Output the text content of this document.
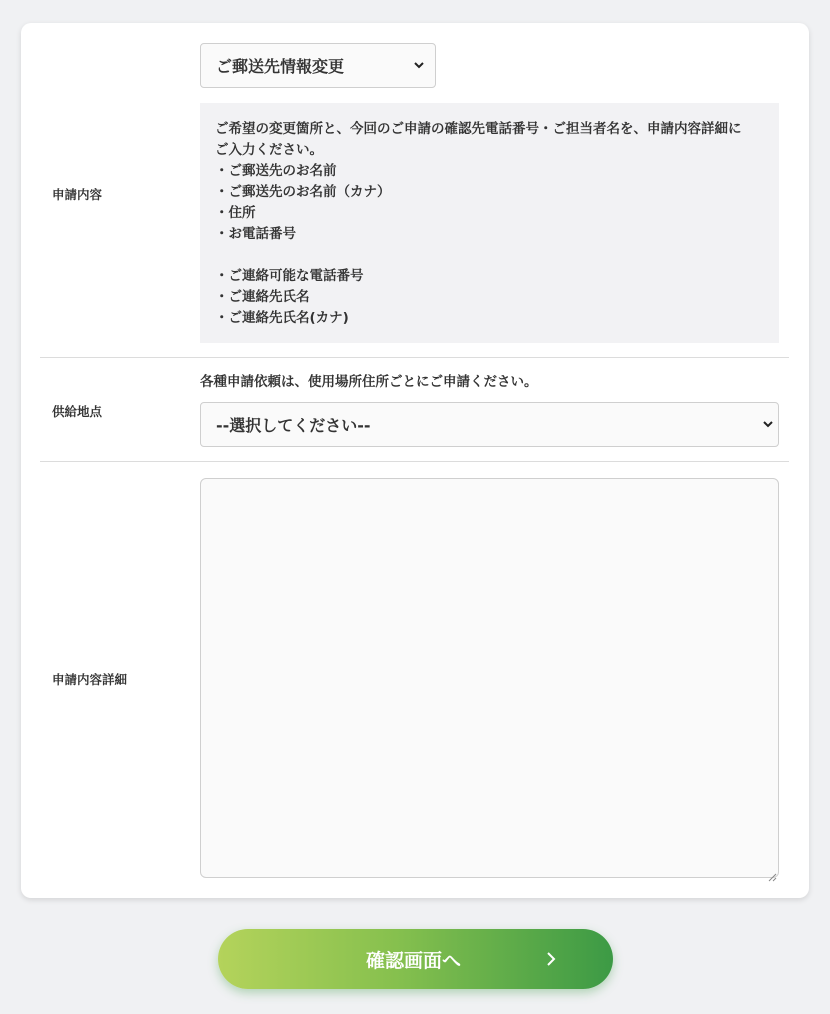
申請内容
ご郵送先情報変更
ご希望の変更箇所と、今回のご申請の確認先電話番号・ご担当者名を、申請内容詳細に
ご入力ください。
・ご郵送先のお名前
・ご郵送先のお名前（カナ）
・住所
・お電話番号
・ご連絡可能な電話番号
・ご連絡先氏名
・ご連絡先氏名(カナ)
供給地点
各種申請依頼は、使用場所住所ごとにご申請ください。
--選択してください--
申請内容詳細
確認画面へ
